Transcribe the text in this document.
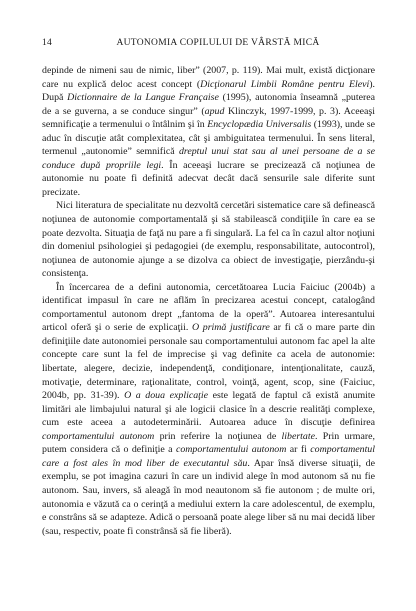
14	AUTONOMIA COPILULUI DE VÂRSTĂ MICĂ

depinde de nimeni sau de nimic, liber” (2007, p. 119). Mai mult, există dicţionare care nu explică deloc acest concept (Dicţionarul Limbii Române pentru Elevi). După Dictionnaire de la Langue Française (1995), autonomia înseamnă „puterea de a se guverna, a se conduce singur” (apud Klinczyk, 1997-1999, p. 3). Aceeaşi semnificaţie a termenului o întâlnim şi în Encyclopædia Universalis (1993), unde se aduc în discuţie atât complexitatea, cât şi ambiguitatea termenului. În sens literal, termenul „autonomie” semnifică dreptul unui stat sau al unei persoane de a se conduce după propriile legi. În aceeaşi lucrare se precizează că noţiunea de autonomie nu poate fi definită adecvat decât dacă sensurile sale diferite sunt precizate.

Nici literatura de specialitate nu dezvoltă cercetări sistematice care să definească noţiunea de autonomie comportamentală şi să stabilească condiţiile în care ea se poate dezvolta. Situaţia de faţă nu pare a fi singulară. La fel ca în cazul altor noţiuni din domeniul psihologiei şi pedagogiei (de exemplu, responsabilitate, autocontrol), noţiunea de autonomie ajunge a se dizolva ca obiect de investigaţie, pierzându-şi consistenţa.

În încercarea de a defini autonomia, cercetătoarea Lucia Faiciuc (2004b) a identificat impasul în care ne aflăm în precizarea acestui concept, catalogând comportamentul autonom drept „fantoma de la operă”. Autoarea interesantului articol oferă şi o serie de explicaţii. O primă justificare ar fi că o mare parte din definiţiile date autonomiei personale sau comportamentului autonom fac apel la alte concepte care sunt la fel de imprecise şi vag definite ca acela de autonomie: libertate, alegere, decizie, independenţă, condiţionare, intenţionalitate, cauză, motivaţie, determinare, raţionalitate, control, voinţă, agent, scop, sine (Faiciuc, 2004b, pp. 31-39). O a doua explicaţie este legată de faptul că există anumite limitări ale limbajului natural şi ale logicii clasice în a descrie realităţi complexe, cum este aceea a autodeterminării. Autoarea aduce în discuţie definirea comportamentului autonom prin referire la noţiunea de libertate. Prin urmare, putem considera că o definiţie a comportamentului autonom ar fi comportamentul care a fost ales în mod liber de executantul său. Apar însă diverse situaţii, de exemplu, se pot imagina cazuri în care un individ alege în mod autonom să nu fie autonom. Sau, invers, să aleagă în mod neautonom să fie autonom ; de multe ori, autonomia e văzută ca o cerinţă a mediului extern la care adolescentul, de exemplu, e constrâns să se adapteze. Adică o persoană poate alege liber să nu mai decidă liber (sau, respectiv, poate fi constrânsă să fie liberă).
